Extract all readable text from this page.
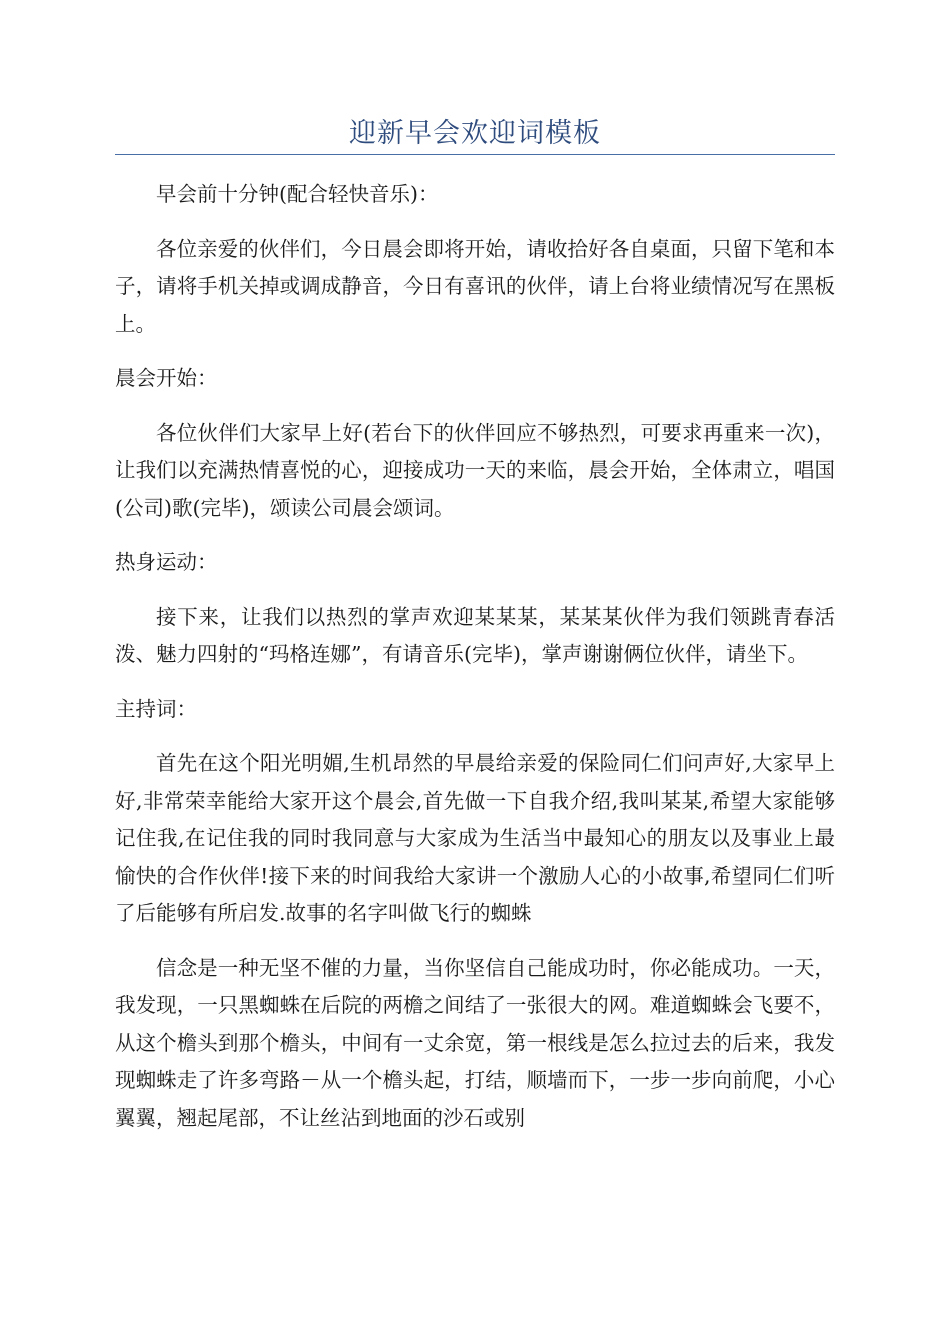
迎新早会欢迎词模板

早会前十分钟(配合轻快音乐)：

各位亲爱的伙伴们，今日晨会即将开始，请收拾好各自桌面，只留下笔和本子，请将手机关掉或调成静音，今日有喜讯的伙伴，请上台将业绩情况写在黑板上。

晨会开始：

各位伙伴们大家早上好(若台下的伙伴回应不够热烈，可要求再重来一次)，让我们以充满热情喜悦的心，迎接成功一天的来临，晨会开始，全体肃立，唱国(公司)歌(完毕)，颂读公司晨会颂词。

热身运动：

接下来，让我们以热烈的掌声欢迎某某某，某某某伙伴为我们领跳青春活泼、魅力四射的“玛格连娜”，有请音乐(完毕)，掌声谢谢俩位伙伴，请坐下。

主持词：

首先在这个阳光明媚,生机昂然的早晨给亲爱的保险同仁们问声好,大家早上好,非常荣幸能给大家开这个晨会,首先做一下自我介绍,我叫某某,希望大家能够记住我,在记住我的同时我同意与大家成为生活当中最知心的朋友以及事业上最愉快的合作伙伴!接下来的时间我给大家讲一个激励人心的小故事,希望同仁们听了后能够有所启发.故事的名字叫做飞行的蜘蛛

信念是一种无坚不催的力量，当你坚信自己能成功时，你必能成功。一天，我发现，一只黑蜘蛛在后院的两檐之间结了一张很大的网。难道蜘蛛会飞要不，从这个檐头到那个檐头，中间有一丈余宽，第一根线是怎么拉过去的后来，我发现蜘蛛走了许多弯路－从一个檐头起，打结，顺墙而下，一步一步向前爬，小心翼翼，翘起尾部，不让丝沾到地面的沙石或别
